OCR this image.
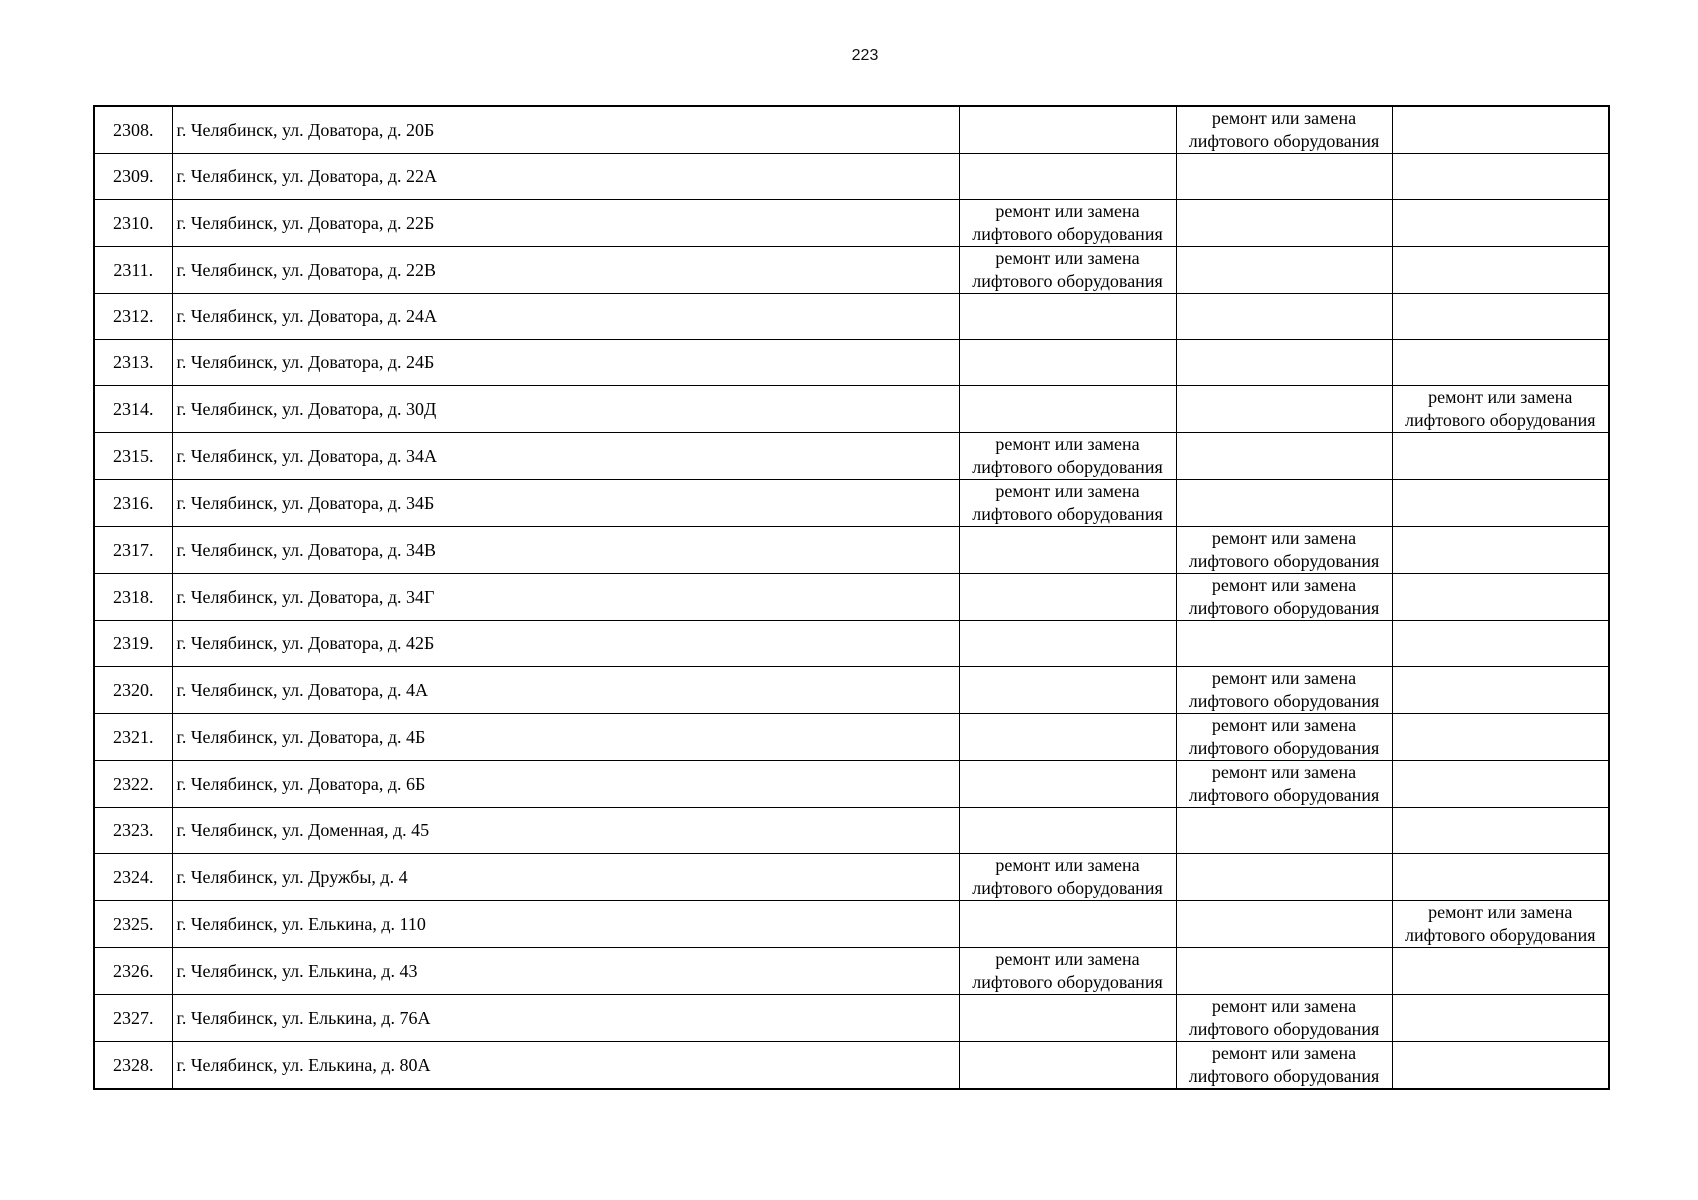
223
2308.	г. Челябинск, ул. Доватора, д. 20Б		ремонт или замена
лифтового оборудования	

2309.	г. Челябинск, ул. Доватора, д. 22А			
2310.	г. Челябинск, ул. Доватора, д. 22Б	ремонт или замена
лифтового оборудования		

2311.	г. Челябинск, ул. Доватора, д. 22В	ремонт или замена
лифтового оборудования		

2312.	г. Челябинск, ул. Доватора, д. 24А			
2313.	г. Челябинск, ул. Доватора, д. 24Б			
2314.	г. Челябинск, ул. Доватора, д. 30Д			ремонт или замена
лифтового оборудования

2315.	г. Челябинск, ул. Доватора, д. 34А	ремонт или замена
лифтового оборудования		

2316.	г. Челябинск, ул. Доватора, д. 34Б	ремонт или замена
лифтового оборудования		

2317.	г. Челябинск, ул. Доватора, д. 34В		ремонт или замена
лифтового оборудования	

2318.	г. Челябинск, ул. Доватора, д. 34Г		ремонт или замена
лифтового оборудования	

2319.	г. Челябинск, ул. Доватора, д. 42Б			
2320.	г. Челябинск, ул. Доватора, д. 4А		ремонт или замена
лифтового оборудования	

2321.	г. Челябинск, ул. Доватора, д. 4Б		ремонт или замена
лифтового оборудования	

2322.	г. Челябинск, ул. Доватора, д. 6Б		ремонт или замена
лифтового оборудования	

2323.	г. Челябинск, ул. Доменная, д. 45			
2324.	г. Челябинск, ул. Дружбы, д. 4	ремонт или замена
лифтового оборудования		

2325.	г. Челябинск, ул. Елькина, д. 110			ремонт или замена
лифтового оборудования

2326.	г. Челябинск, ул. Елькина, д. 43	ремонт или замена
лифтового оборудования		

2327.	г. Челябинск, ул. Елькина, д. 76А		ремонт или замена
лифтового оборудования	

2328.	г. Челябинск, ул. Елькина, д. 80А		ремонт или замена
лифтового оборудования	
